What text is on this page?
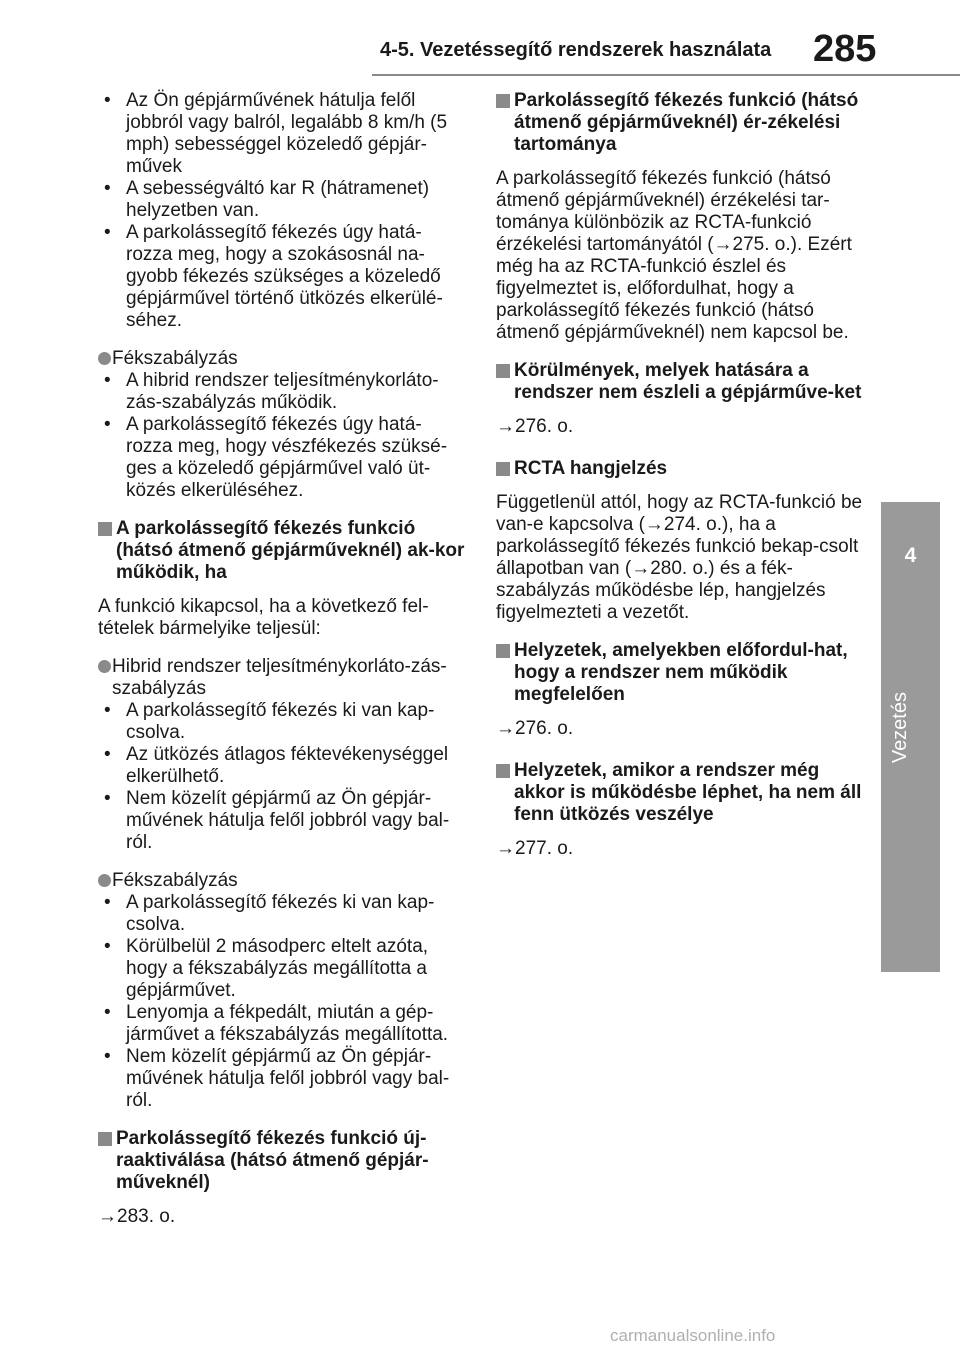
4-5. Vezetéssegítő rendszerek használata 285
4
Vezetés
• Az Ön gépjárművének hátulja felől jobbról vagy balról, legalább 8 km/h (5 mph) sebességgel közeledő gépjár-művek
• A sebességváltó kar R (hátramenet) helyzetben van.
• A parkolássegítő fékezés úgy hatá-rozza meg, hogy a szokásosnál na-gyobb fékezés szükséges a közeledő gépjárművel történő ütközés elkerülé-séhez.
Fékszabályzás
• A hibrid rendszer teljesítménykorláto-zás-szabályzás működik.
• A parkolássegítő fékezés úgy hatá-rozza meg, hogy vészfékezés szüksé-ges a közeledő gépjárművel való üt-közés elkerüléséhez.
A parkolássegítő fékezés funkció (hátsó átmenő gépjárműveknél) ak-kor működik, ha

A funkció kikapcsol, ha a következő fel-tételek bármelyike teljesül:

Hibrid rendszer teljesítménykorláto-zás-szabályzás
• A parkolássegítő fékezés ki van kap-csolva.
• Az ütközés átlagos féktevékenységgel elkerülhető.
• Nem közelít gépjármű az Ön gépjár-művének hátulja felől jobbról vagy bal-ról.
Fékszabályzás
• A parkolássegítő fékezés ki van kap-csolva.
• Körülbelül 2 másodperc eltelt azóta, hogy a fékszabályzás megállította a gépjárművet.
• Lenyomja a fékpedált, miután a gép-járművet a fékszabályzás megállította.
• Nem közelít gépjármű az Ön gépjár-művének hátulja felől jobbról vagy bal-ról.
Parkolássegítő fékezés funkció új-raaktiválása (hátsó átmenő gépjár-műveknél)
→283. o.
Parkolássegítő fékezés funkció (hátsó átmenő gépjárműveknél) ér-zékelési tartománya

A parkolássegítő fékezés funkció (hátsó átmenő gépjárműveknél) érzékelési tar-tománya különbözik az RCTA-funkció érzékelési tartományától (→275. o.). Ezért még ha az RCTA-funkció észlel és figyelmeztet is, előfordulhat, hogy a parkolássegítő fékezés funkció (hátsó átmenő gépjárműveknél) nem kapcsol be.

Körülmények, melyek hatására a rendszer nem észleli a gépjárműve-ket
→276. o.
RCTA hangjelzés

Függetlenül attól, hogy az RCTA-funkció be van-e kapcsolva (→274. o.), ha a parkolássegítő fékezés funkció bekap-csolt állapotban van (→280. o.) és a fék-szabályzás működésbe lép, hangjelzés figyelmezteti a vezetőt.

Helyzetek, amelyekben előfordul-hat, hogy a rendszer nem működik megfelelően
→276. o.
Helyzetek, amikor a rendszer még akkor is működésbe léphet, ha nem áll fenn ütközés veszélye
→277. o.
carmanualsonline.info
